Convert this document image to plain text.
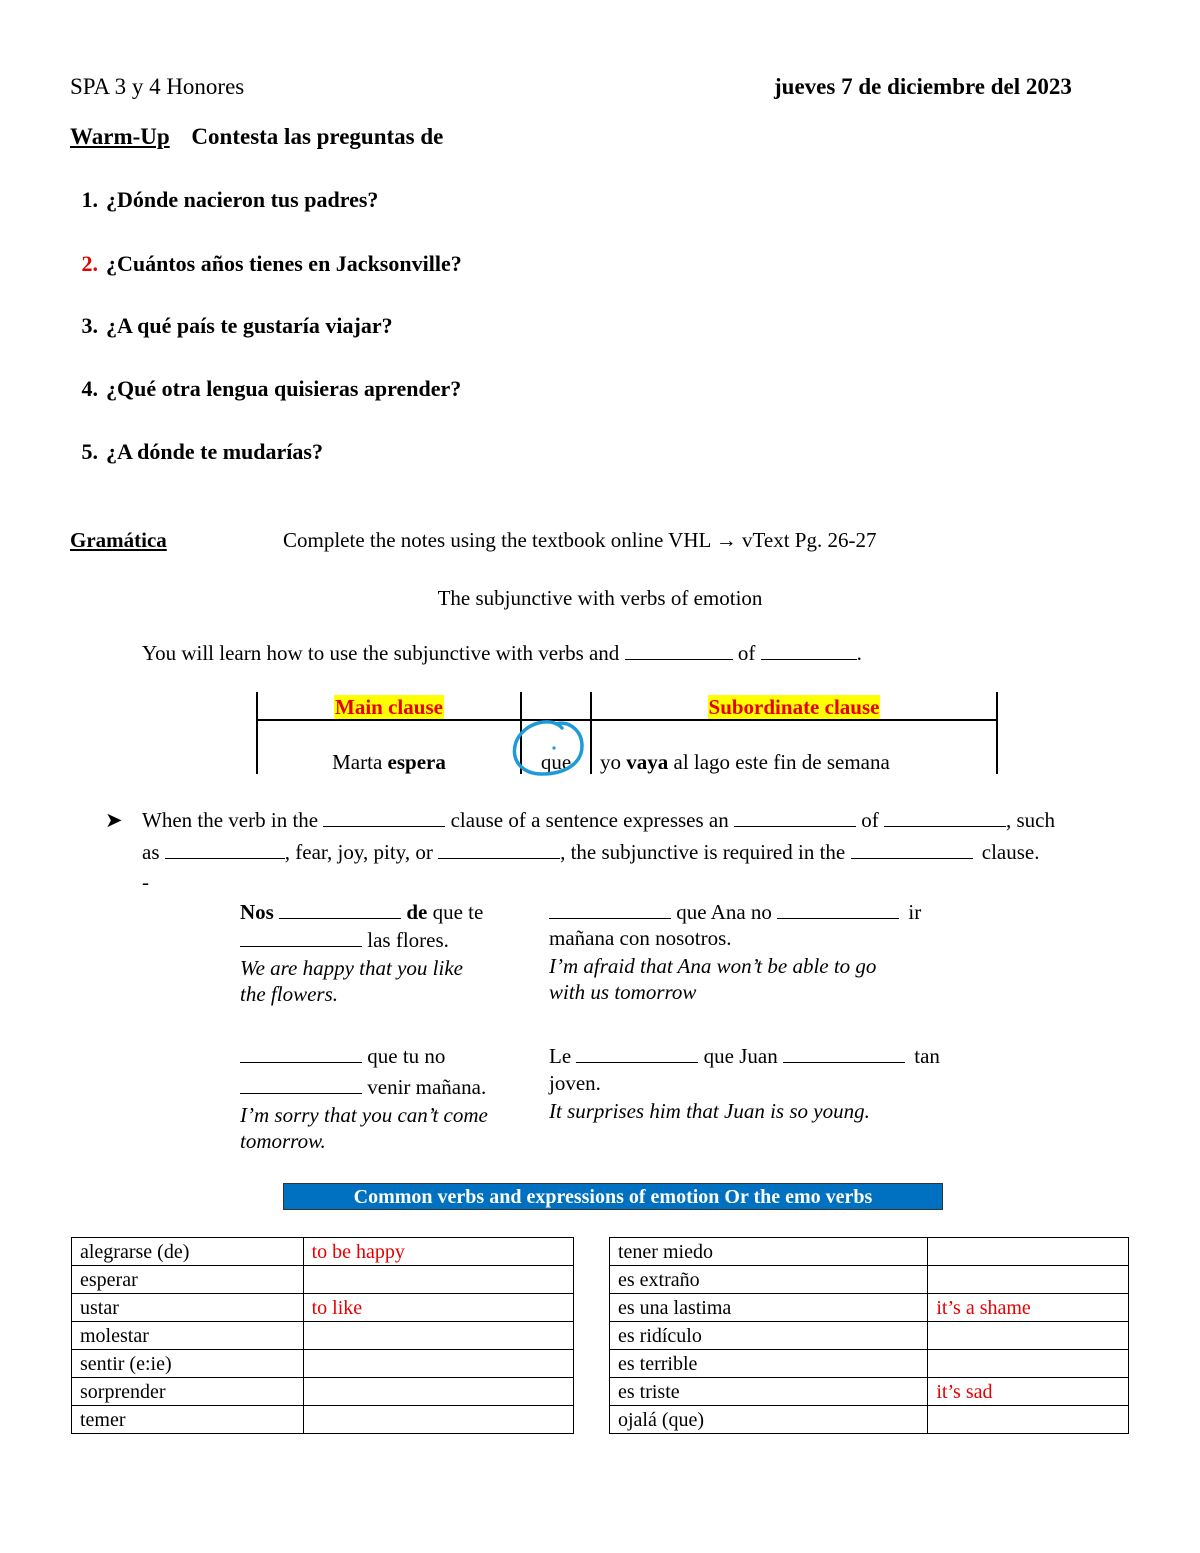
SPA 3 y 4 Honores	jueves 7 de diciembre del 2023
Warm-Up Contesta las preguntas de
1. ¿Dónde nacieron tus padres?
2. ¿Cuántos años tienes en Jacksonville?
3. ¿A qué país te gustaría viajar?
4. ¿Qué otra lengua quisieras aprender?
5. ¿A dónde te mudarías?
Gramática	Complete the notes using the textbook online VHL → vText Pg. 26-27
The subjunctive with verbs of emotion
You will learn how to use the subjunctive with verbs and	of	.
Main clause	Subordinate clause
Marta espera	que	yo vaya al lago este fin de semana
➤ When the verb in the	clause of a sentence expresses an	of	, such
as	, fear, joy, pity, or	, the subjunctive is required in the	clause.
-
Nos	de que te
las flores.
We are happy that you like
the flowers.
que Ana no	ir
mañana con nosotros.
I’m afraid that Ana won’t be able to go
with us tomorrow
que tu no
venir mañana.
I’m sorry that you can’t come
tomorrow.
Le	que Juan	tan
joven.
It surprises him that Juan is so young.
Common verbs and expressions of emotion Or the emo verbs
alegrarse (de)	to be happy
esperar	
ustar	to like
molestar	
sentir (e:ie)	
sorprender	
temer	
tener miedo	
es extraño	
es una lastima	it’s a shame
es ridículo	
es terrible	
es triste	it’s sad
ojalá (que)	
